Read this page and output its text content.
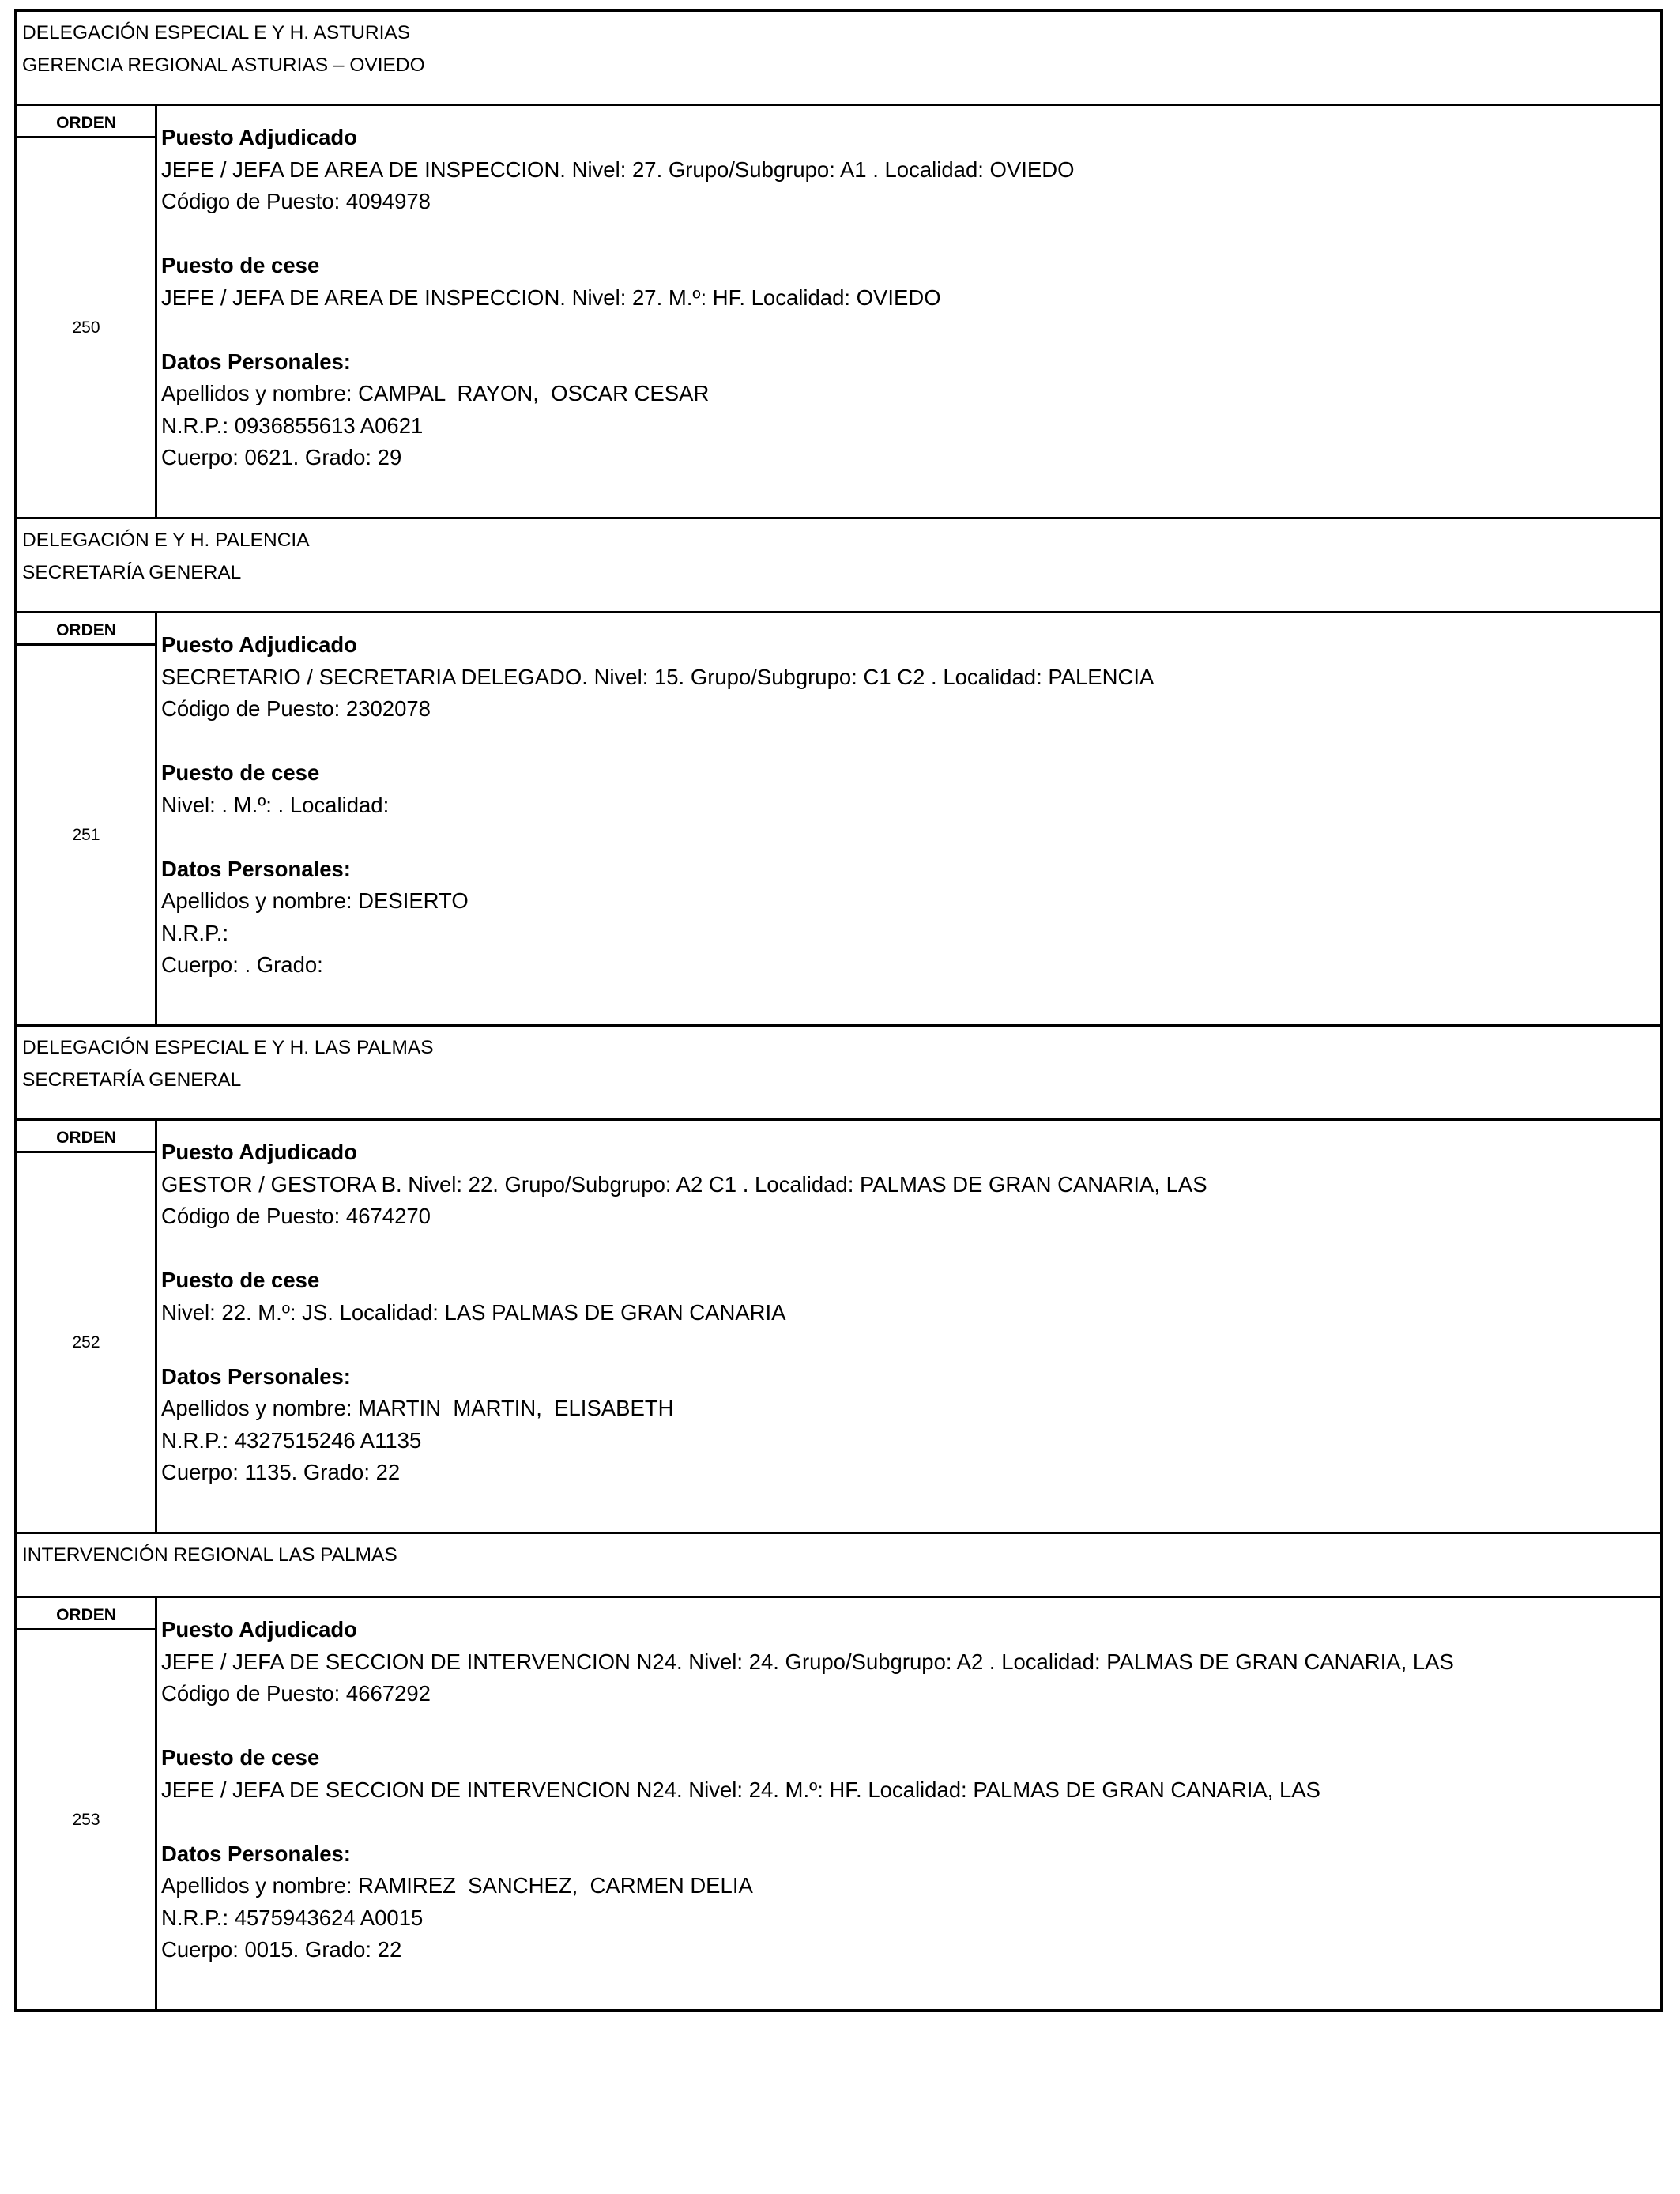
DELEGACIÓN ESPECIAL E Y H. ASTURIAS
GERENCIA REGIONAL ASTURIAS – OVIEDO
ORDEN
250
Puesto Adjudicado
JEFE / JEFA DE AREA DE INSPECCION. Nivel: 27. Grupo/Subgrupo: A1 . Localidad: OVIEDO
Código de Puesto: 4094978
Puesto de cese
JEFE / JEFA DE AREA DE INSPECCION. Nivel: 27. M.º: HF. Localidad: OVIEDO
Datos Personales:
Apellidos y nombre: CAMPAL  RAYON,  OSCAR CESAR
N.R.P.: 0936855613 A0621
Cuerpo: 0621. Grado: 29
DELEGACIÓN E Y H. PALENCIA
SECRETARÍA GENERAL
ORDEN
251
Puesto Adjudicado
SECRETARIO / SECRETARIA DELEGADO. Nivel: 15. Grupo/Subgrupo: C1 C2 . Localidad: PALENCIA
Código de Puesto: 2302078
Puesto de cese
Nivel: . M.º: . Localidad:
Datos Personales:
Apellidos y nombre: DESIERTO
N.R.P.:
Cuerpo: . Grado:
DELEGACIÓN ESPECIAL E Y H. LAS PALMAS
SECRETARÍA GENERAL
ORDEN
252
Puesto Adjudicado
GESTOR / GESTORA B. Nivel: 22. Grupo/Subgrupo: A2 C1 . Localidad: PALMAS DE GRAN CANARIA, LAS
Código de Puesto: 4674270
Puesto de cese
Nivel: 22. M.º: JS. Localidad: LAS PALMAS DE GRAN CANARIA
Datos Personales:
Apellidos y nombre: MARTIN  MARTIN,  ELISABETH
N.R.P.: 4327515246 A1135
Cuerpo: 1135. Grado: 22
INTERVENCIÓN REGIONAL LAS PALMAS
ORDEN
253
Puesto Adjudicado
JEFE / JEFA DE SECCION DE INTERVENCION N24. Nivel: 24. Grupo/Subgrupo: A2 . Localidad: PALMAS DE GRAN CANARIA, LAS
Código de Puesto: 4667292
Puesto de cese
JEFE / JEFA DE SECCION DE INTERVENCION N24. Nivel: 24. M.º: HF. Localidad: PALMAS DE GRAN CANARIA, LAS
Datos Personales:
Apellidos y nombre: RAMIREZ  SANCHEZ,  CARMEN DELIA
N.R.P.: 4575943624 A0015
Cuerpo: 0015. Grado: 22
